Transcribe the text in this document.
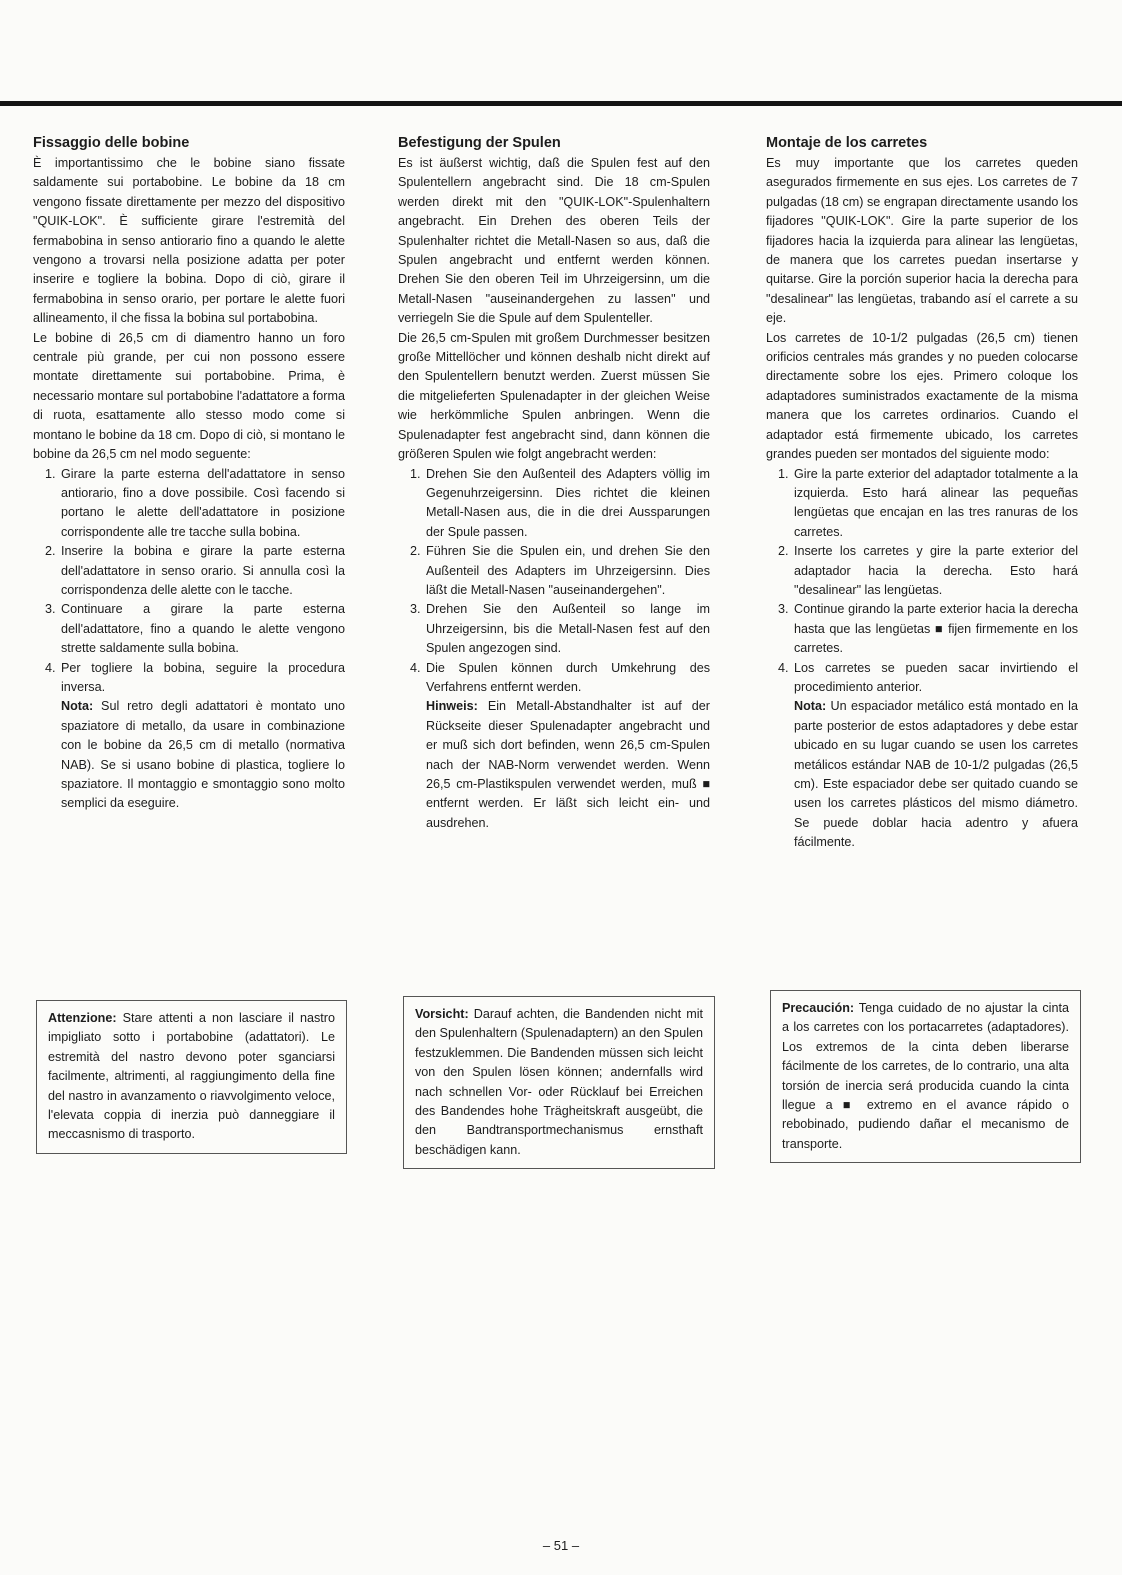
Fissaggio delle bobine

È importantissimo che le bobine siano fissate saldamente sui portabobine. Le bobine da 18 cm vengono fissate direttamente per mezzo del dispositivo "QUIK-LOK". È sufficiente girare l'estremità del fermabobina in senso antiorario fino a quando le alette vengono a trovarsi nella posizione adatta per poter inserire e togliere la bobina. Dopo di ciò, girare il fermabobina in senso orario, per portare le alette fuori allineamento, il che fissa la bobina sul portabobina.

Le bobine di 26,5 cm di diamentro hanno un foro centrale più grande, per cui non possono essere montate direttamente sui portabobine. Prima, è necessario montare sul portabobine l'adattatore a forma di ruota, esattamente allo stesso modo come si montano le bobine da 18 cm. Dopo di ciò, si montano le bobine da 26,5 cm nel modo seguente:

1. Girare la parte esterna dell'adattatore in senso antiorario, fino a dove possibile. Così facendo si portano le alette dell'adattatore in posizione corrispondente alle tre tacche sulla bobina.
2. Inserire la bobina e girare la parte esterna dell'adattatore in senso orario. Si annulla così la corrispondenza delle alette con le tacche.
3. Continuare a girare la parte esterna dell'adattatore, fino a quando le alette vengono strette saldamente sulla bobina.
4. Per togliere la bobina, seguire la procedura inversa.
Nota: Sul retro degli adattatori è montato uno spaziatore di metallo, da usare in combinazione con le bobine da 26,5 cm di metallo (normativa NAB). Se si usano bobine di plastica, togliere lo spaziatore. Il montaggio e smontaggio sono molto semplici da eseguire.
Befestigung der Spulen

Es ist äußerst wichtig, daß die Spulen fest auf den Spulentellern angebracht sind. Die 18 cm-Spulen werden direkt mit den "QUIK-LOK"-Spulenhaltern angebracht. Ein Drehen des oberen Teils der Spulenhalter richtet die Metall-Nasen so aus, daß die Spulen angebracht und entfernt werden können. Drehen Sie den oberen Teil im Uhrzeigersinn, um die Metall-Nasen "auseinandergehen zu lassen" und verriegeln Sie die Spule auf dem Spulenteller.

Die 26,5 cm-Spulen mit großem Durchmesser besitzen große Mittellöcher und können deshalb nicht direkt auf den Spulentellern benutzt werden. Zuerst müssen Sie die mitgelieferten Spulenadapter in der gleichen Weise wie herkömmliche Spulen anbringen. Wenn die Spulenadapter fest angebracht sind, dann können die größeren Spulen wie folgt angebracht werden:

1. Drehen Sie den Außenteil des Adapters völlig im Gegenuhrzeigersinn. Dies richtet die kleinen Metall-Nasen aus, die in die drei Aussparungen der Spule passen.
2. Führen Sie die Spulen ein, und drehen Sie den Außenteil des Adapters im Uhrzeigersinn. Dies läßt die Metall-Nasen "auseinandergehen".
3. Drehen Sie den Außenteil so lange im Uhrzeigersinn, bis die Metall-Nasen fest auf den Spulen angezogen sind.
4. Die Spulen können durch Umkehrung des Verfahrens entfernt werden.
Hinweis: Ein Metall-Abstandhalter ist auf der Rückseite dieser Spulenadapter angebracht und er muß sich dort befinden, wenn 26,5 cm-Spulen nach der NAB-Norm verwendet werden. Wenn 26,5 cm-Plastikspulen verwendet werden, muß ■ entfernt werden. Er läßt sich leicht ein- und ausdrehen.
Montaje de los carretes

Es muy importante que los carretes queden asegurados firmemente en sus ejes. Los carretes de 7 pulgadas (18 cm) se engrapan directamente usando los fijadores "QUIK-LOK". Gire la parte superior de los fijadores hacia la izquierda para alinear las lengüetas, de manera que los carretes puedan insertarse y quitarse. Gire la porción superior hacia la derecha para "desalinear" las lengüetas, trabando así el carrete a su eje.

Los carretes de 10-1/2 pulgadas (26,5 cm) tienen orificios centrales más grandes y no pueden colocarse directamente sobre los ejes. Primero coloque los adaptadores suministrados exactamente de la misma manera que los carretes ordinarios. Cuando el adaptador está firmemente ubicado, los carretes grandes pueden ser montados del siguiente modo:

1. Gire la parte exterior del adaptador totalmente a la izquierda. Esto hará alinear las pequeñas lengüetas que encajan en las tres ranuras de los carretes.
2. Inserte los carretes y gire la parte exterior del adaptador hacia la derecha. Esto hará "desalinear" las lengüetas.
3. Continue girando la parte exterior hacia la derecha hasta que las lengüetas ■ fijen firmemente en los carretes.
4. Los carretes se pueden sacar invirtiendo el procedimiento anterior.
Nota: Un espaciador metálico está montado en la parte posterior de estos adaptadores y debe estar ubicado en su lugar cuando se usen los carretes metálicos estándar NAB de 10-1/2 pulgadas (26,5 cm). Este espaciador debe ser quitado cuando se usen los carretes plásticos del mismo diámetro. Se puede doblar hacia adentro y afuera fácilmente.
Attenzione: Stare attenti a non lasciare il nastro impigliato sotto i portabobine (adattatori). Le estremità del nastro devono poter sganciarsi facilmente, altrimenti, al raggiungimento della fine del nastro in avanzamento o riavvolgimento veloce, l'elevata coppia di inerzia può danneggiare il meccasnismo di trasporto.
Vorsicht: Darauf achten, die Bandenden nicht mit den Spulenhaltern (Spulenadaptern) an den Spulen festzuklemmen. Die Bandenden müssen sich leicht von den Spulen lösen können; andernfalls wird nach schnellen Vor- oder Rücklauf bei Erreichen des Bandendes hohe Trägheitskraft ausgeübt, die den Bandtransportmechanismus ernsthaft beschädigen kann.
Precaución: Tenga cuidado de no ajustar la cinta a los carretes con los portacarretes (adaptadores). Los extremos de la cinta deben liberarse fácilmente de los carretes, de lo contrario, una alta torsión de inercia será producida cuando la cinta llegue a ■ extremo en el avance rápido o rebobinado, pudiendo dañar el mecanismo de transporte.
– 51 –
